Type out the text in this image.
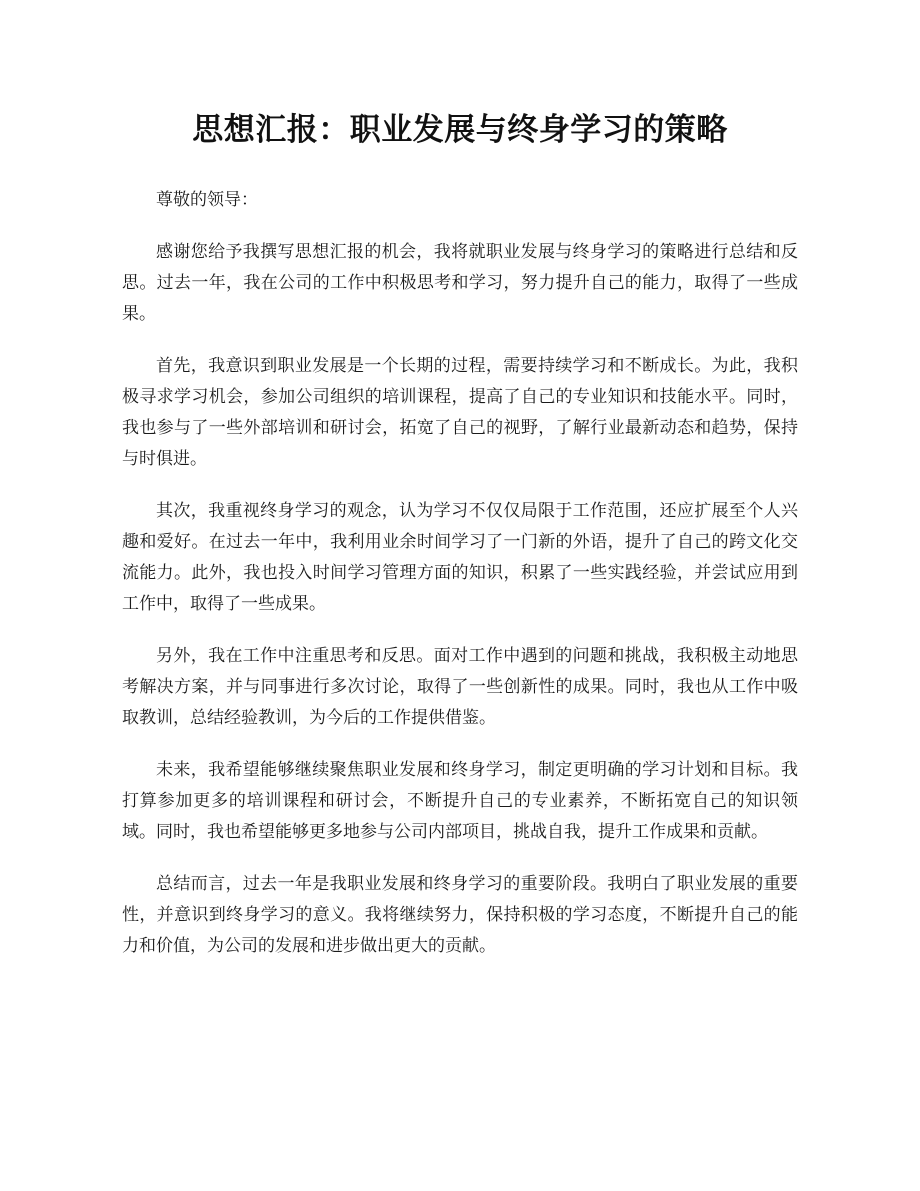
思想汇报：职业发展与终身学习的策略

尊敬的领导：

感谢您给予我撰写思想汇报的机会，我将就职业发展与终身学习的策略进行总结和反思。过去一年，我在公司的工作中积极思考和学习，努力提升自己的能力，取得了一些成果。

首先，我意识到职业发展是一个长期的过程，需要持续学习和不断成长。为此，我积极寻求学习机会，参加公司组织的培训课程，提高了自己的专业知识和技能水平。同时，我也参与了一些外部培训和研讨会，拓宽了自己的视野，了解行业最新动态和趋势，保持与时俱进。

其次，我重视终身学习的观念，认为学习不仅仅局限于工作范围，还应扩展至个人兴趣和爱好。在过去一年中，我利用业余时间学习了一门新的外语，提升了自己的跨文化交流能力。此外，我也投入时间学习管理方面的知识，积累了一些实践经验，并尝试应用到工作中，取得了一些成果。

另外，我在工作中注重思考和反思。面对工作中遇到的问题和挑战，我积极主动地思考解决方案，并与同事进行多次讨论，取得了一些创新性的成果。同时，我也从工作中吸取教训，总结经验教训，为今后的工作提供借鉴。

未来，我希望能够继续聚焦职业发展和终身学习，制定更明确的学习计划和目标。我打算参加更多的培训课程和研讨会，不断提升自己的专业素养，不断拓宽自己的知识领域。同时，我也希望能够更多地参与公司内部项目，挑战自我，提升工作成果和贡献。

总结而言，过去一年是我职业发展和终身学习的重要阶段。我明白了职业发展的重要性，并意识到终身学习的意义。我将继续努力，保持积极的学习态度，不断提升自己的能力和价值，为公司的发展和进步做出更大的贡献。
